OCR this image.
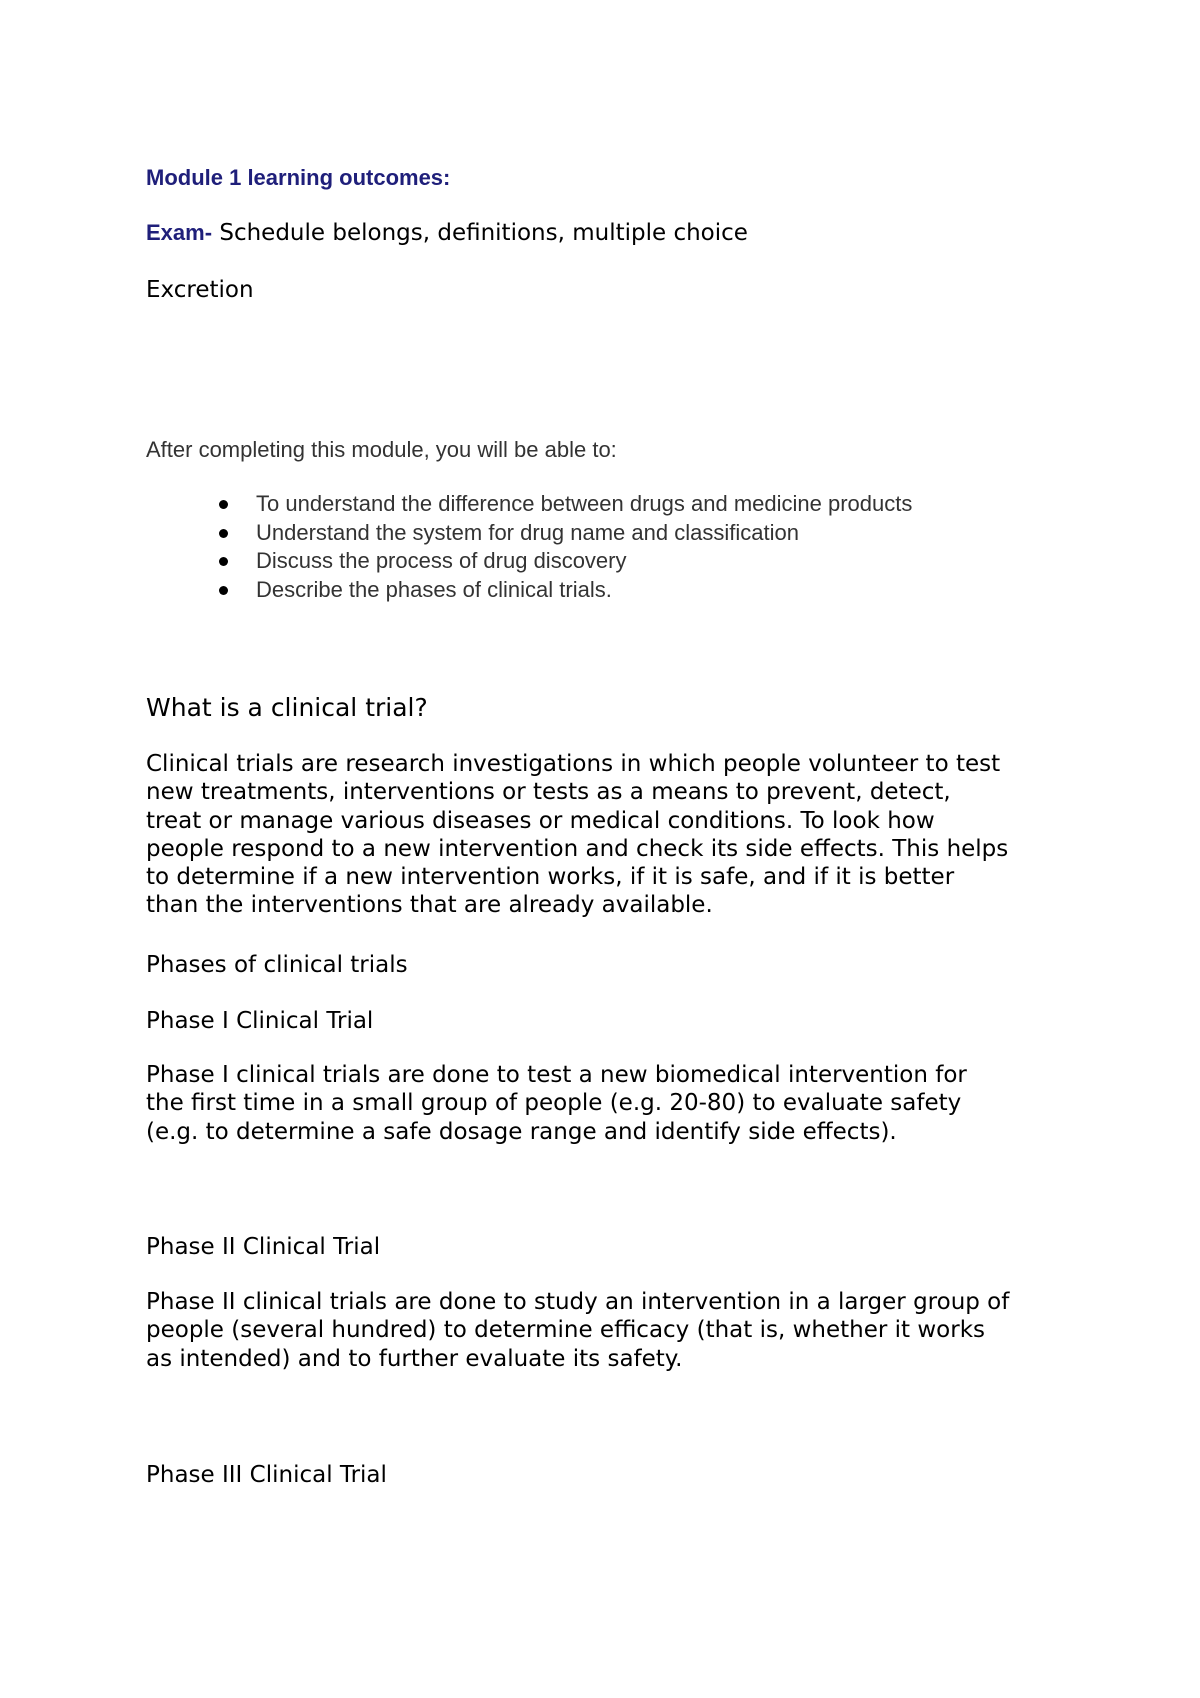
Module 1 learning outcomes:
Exam- Schedule belongs, definitions, multiple choice
Excretion
After completing this module, you will be able to:
To understand the difference between drugs and medicine products
Understand the system for drug name and classification
Discuss the process of drug discovery
Describe the phases of clinical trials.
What is a clinical trial?

Clinical trials are research investigations in which people volunteer to test
new treatments, interventions or tests as a means to prevent, detect,
treat or manage various diseases or medical conditions. To look how
people respond to a new intervention and check its side effects. This helps
to determine if a new intervention works, if it is safe, and if it is better
than the interventions that are already available.

Phases of clinical trials
Phase I Clinical Trial

Phase I clinical trials are done to test a new biomedical intervention for
the first time in a small group of people (e.g. 20-80) to evaluate safety
(e.g. to determine a safe dosage range and identify side effects).

Phase II Clinical Trial

Phase II clinical trials are done to study an intervention in a larger group of
people (several hundred) to determine efficacy (that is, whether it works
as intended) and to further evaluate its safety.

Phase III Clinical Trial
